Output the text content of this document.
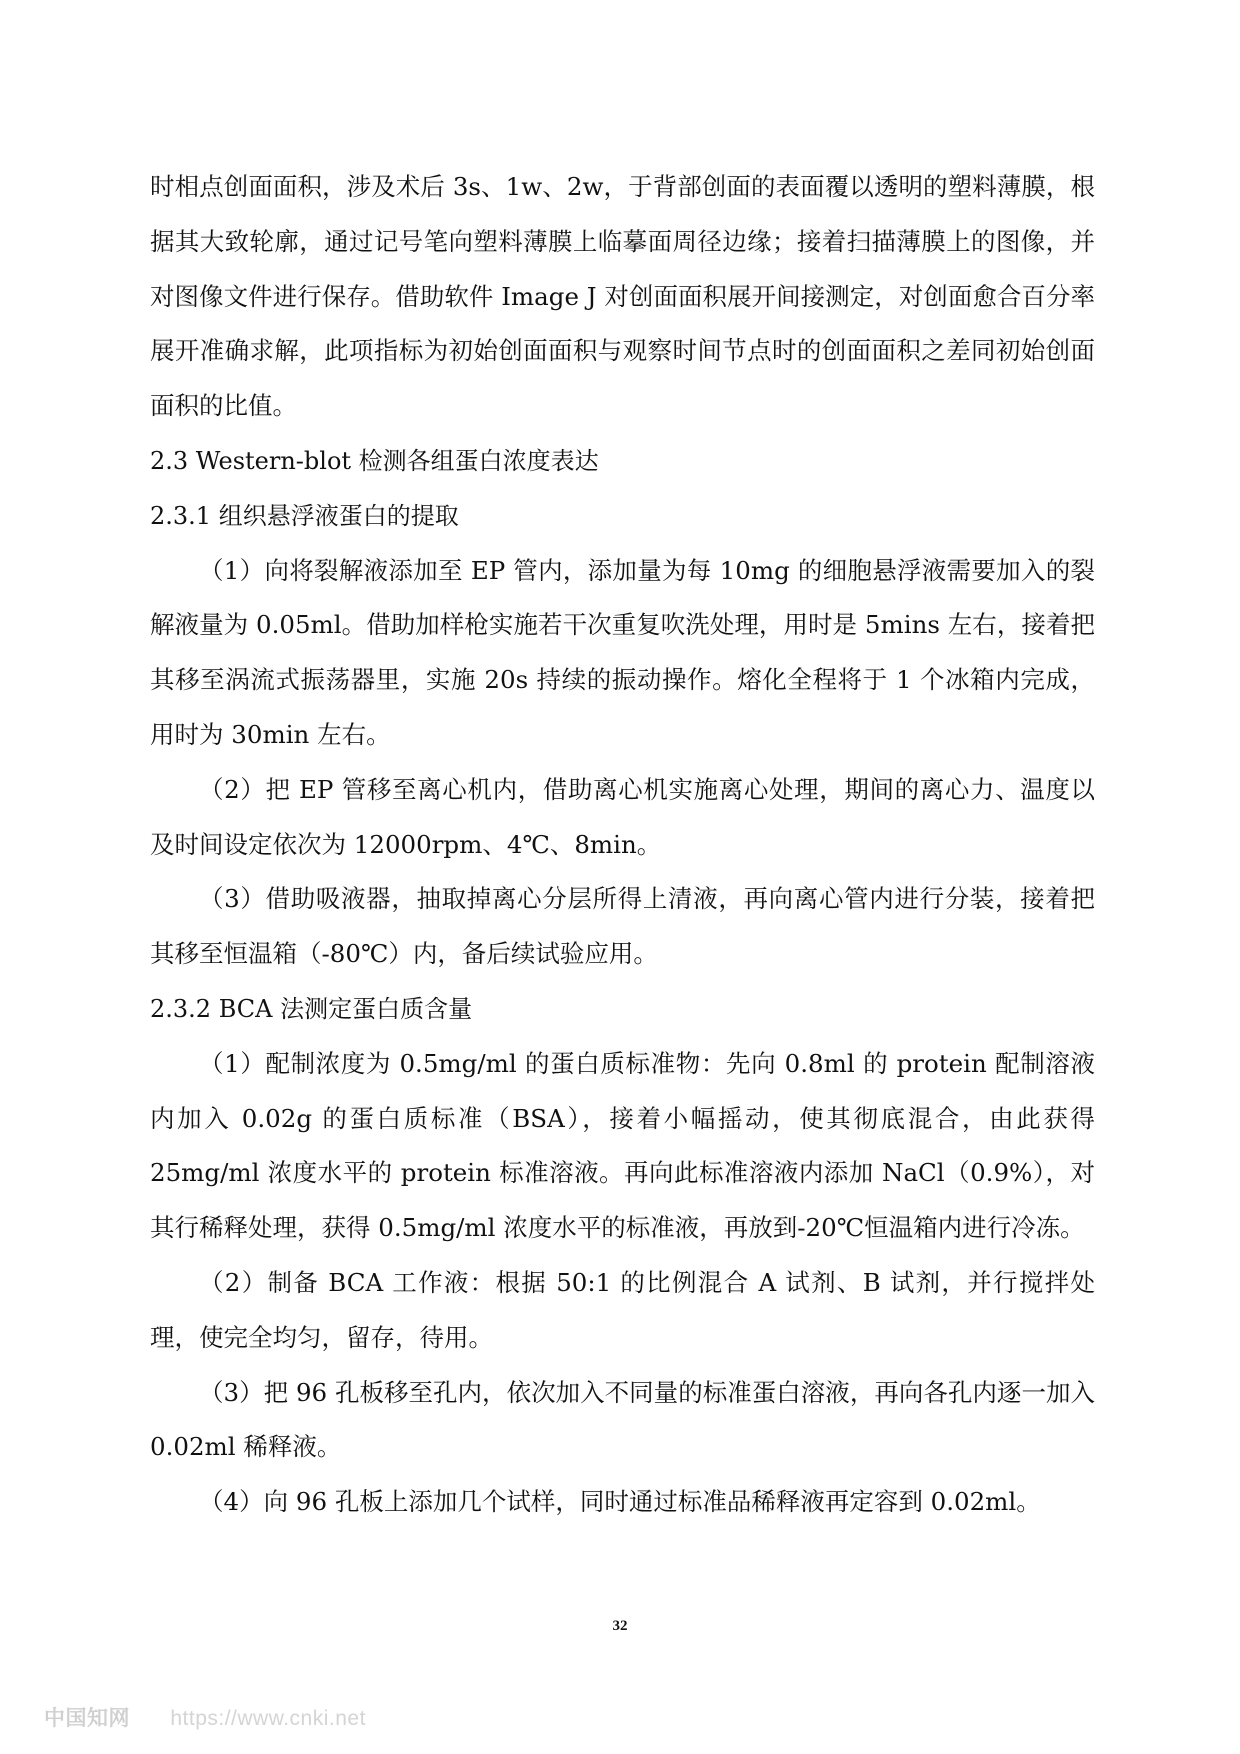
时相点创面面积，涉及术后 3s、1w、2w，于背部创面的表面覆以透明的塑料薄膜，根据其大致轮廓，通过记号笔向塑料薄膜上临摹面周径边缘；接着扫描薄膜上的图像，并对图像文件进行保存。借助软件 Image J 对创面面积展开间接测定，对创面愈合百分率展开准确求解，此项指标为初始创面面积与观察时间节点时的创面面积之差同初始创面面积的比值。

2.3 Western-blot 检测各组蛋白浓度表达
2.3.1 组织悬浮液蛋白的提取

（1）向将裂解液添加至 EP 管内，添加量为每 10mg 的细胞悬浮液需要加入的裂解液量为 0.05ml。借助加样枪实施若干次重复吹洗处理，用时是 5mins 左右，接着把其移至涡流式振荡器里，实施 20s 持续的振动操作。熔化全程将于 1 个冰箱内完成，用时为 30min 左右。

（2）把 EP 管移至离心机内，借助离心机实施离心处理，期间的离心力、温度以及时间设定依次为 12000rpm、4℃、8min。

（3）借助吸液器，抽取掉离心分层所得上清液，再向离心管内进行分装，接着把其移至恒温箱（-80℃）内，备后续试验应用。

2.3.2 BCA 法测定蛋白质含量

（1）配制浓度为 0.5mg/ml 的蛋白质标准物：先向 0.8ml 的 protein 配制溶液内加入 0.02g 的蛋白质标准（BSA），接着小幅摇动，使其彻底混合，由此获得 25mg/ml 浓度水平的 protein 标准溶液。再向此标准溶液内添加 NaCl（0.9%），对其行稀释处理，获得 0.5mg/ml 浓度水平的标准液，再放到-20℃恒温箱内进行冷冻。

（2）制备 BCA 工作液：根据 50:1 的比例混合 A 试剂、B 试剂，并行搅拌处理，使完全均匀，留存，待用。

（3）把 96 孔板移至孔内，依次加入不同量的标准蛋白溶液，再向各孔内逐一加入 0.02ml 稀释液。

（4）向 96 孔板上添加几个试样，同时通过标准品稀释液再定容到 0.02ml。

32
中国知网 https://www.cnki.net
